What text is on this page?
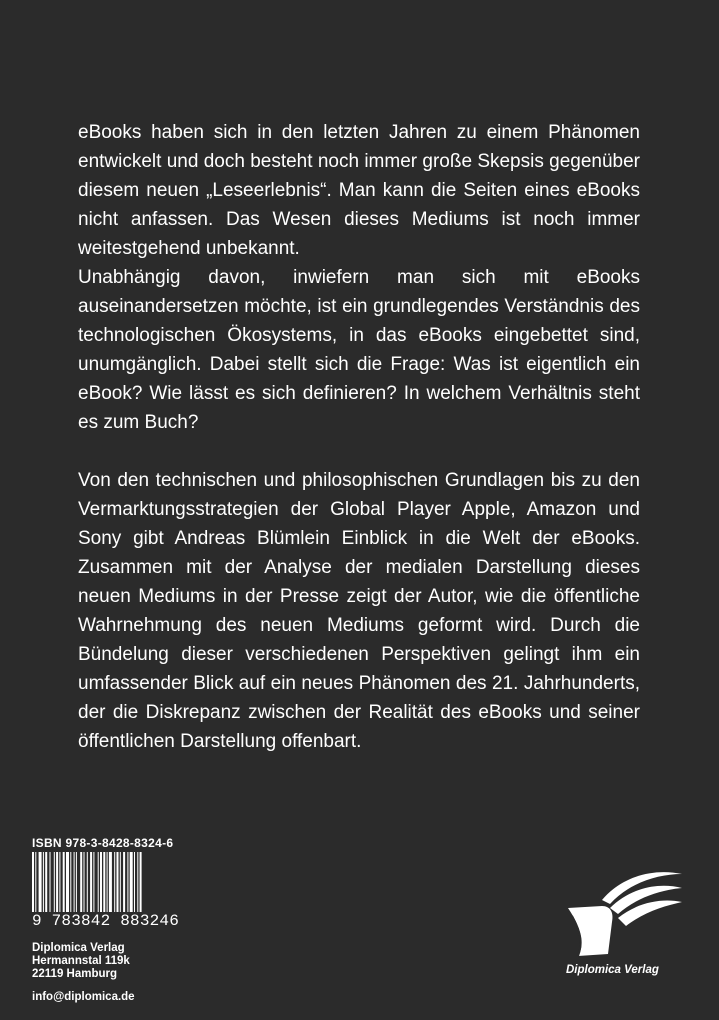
eBooks haben sich in den letzten Jahren zu einem Phänomen entwickelt und doch besteht noch immer große Skepsis gegenüber diesem neuen „Leseerlebnis“. Man kann die Seiten eines eBooks nicht anfassen. Das Wesen dieses Mediums ist noch immer weitestgehend unbekannt.

Unabhängig davon, inwiefern man sich mit eBooks auseinandersetzen möchte, ist ein grundlegendes Verständnis des technologischen Ökosystems, in das eBooks eingebettet sind, unumgänglich. Dabei stellt sich die Frage: Was ist eigentlich ein eBook? Wie lässt es sich definieren? In welchem Verhältnis steht es zum Buch?

Von den technischen und philosophischen Grundlagen bis zu den Vermarktungsstrategien der Global Player Apple, Amazon und Sony gibt Andreas Blümlein Einblick in die Welt der eBooks. Zusammen mit der Analyse der medialen Darstellung dieses neuen Mediums in der Presse zeigt der Autor, wie die öffentliche Wahrnehmung des neuen Mediums geformt wird. Durch die Bündelung dieser verschiedenen Perspektiven gelingt ihm ein umfassender Blick auf ein neues Phänomen des 21. Jahrhunderts, der die Diskrepanz zwischen der Realität des eBooks und seiner öffentlichen Darstellung offenbart.

ISBN 978-3-8428-8324-6
9 783842 883246
Diplomica Verlag
Hermannstal 119k
22119 Hamburg
info@diplomica.de
Diplomica Verlag
